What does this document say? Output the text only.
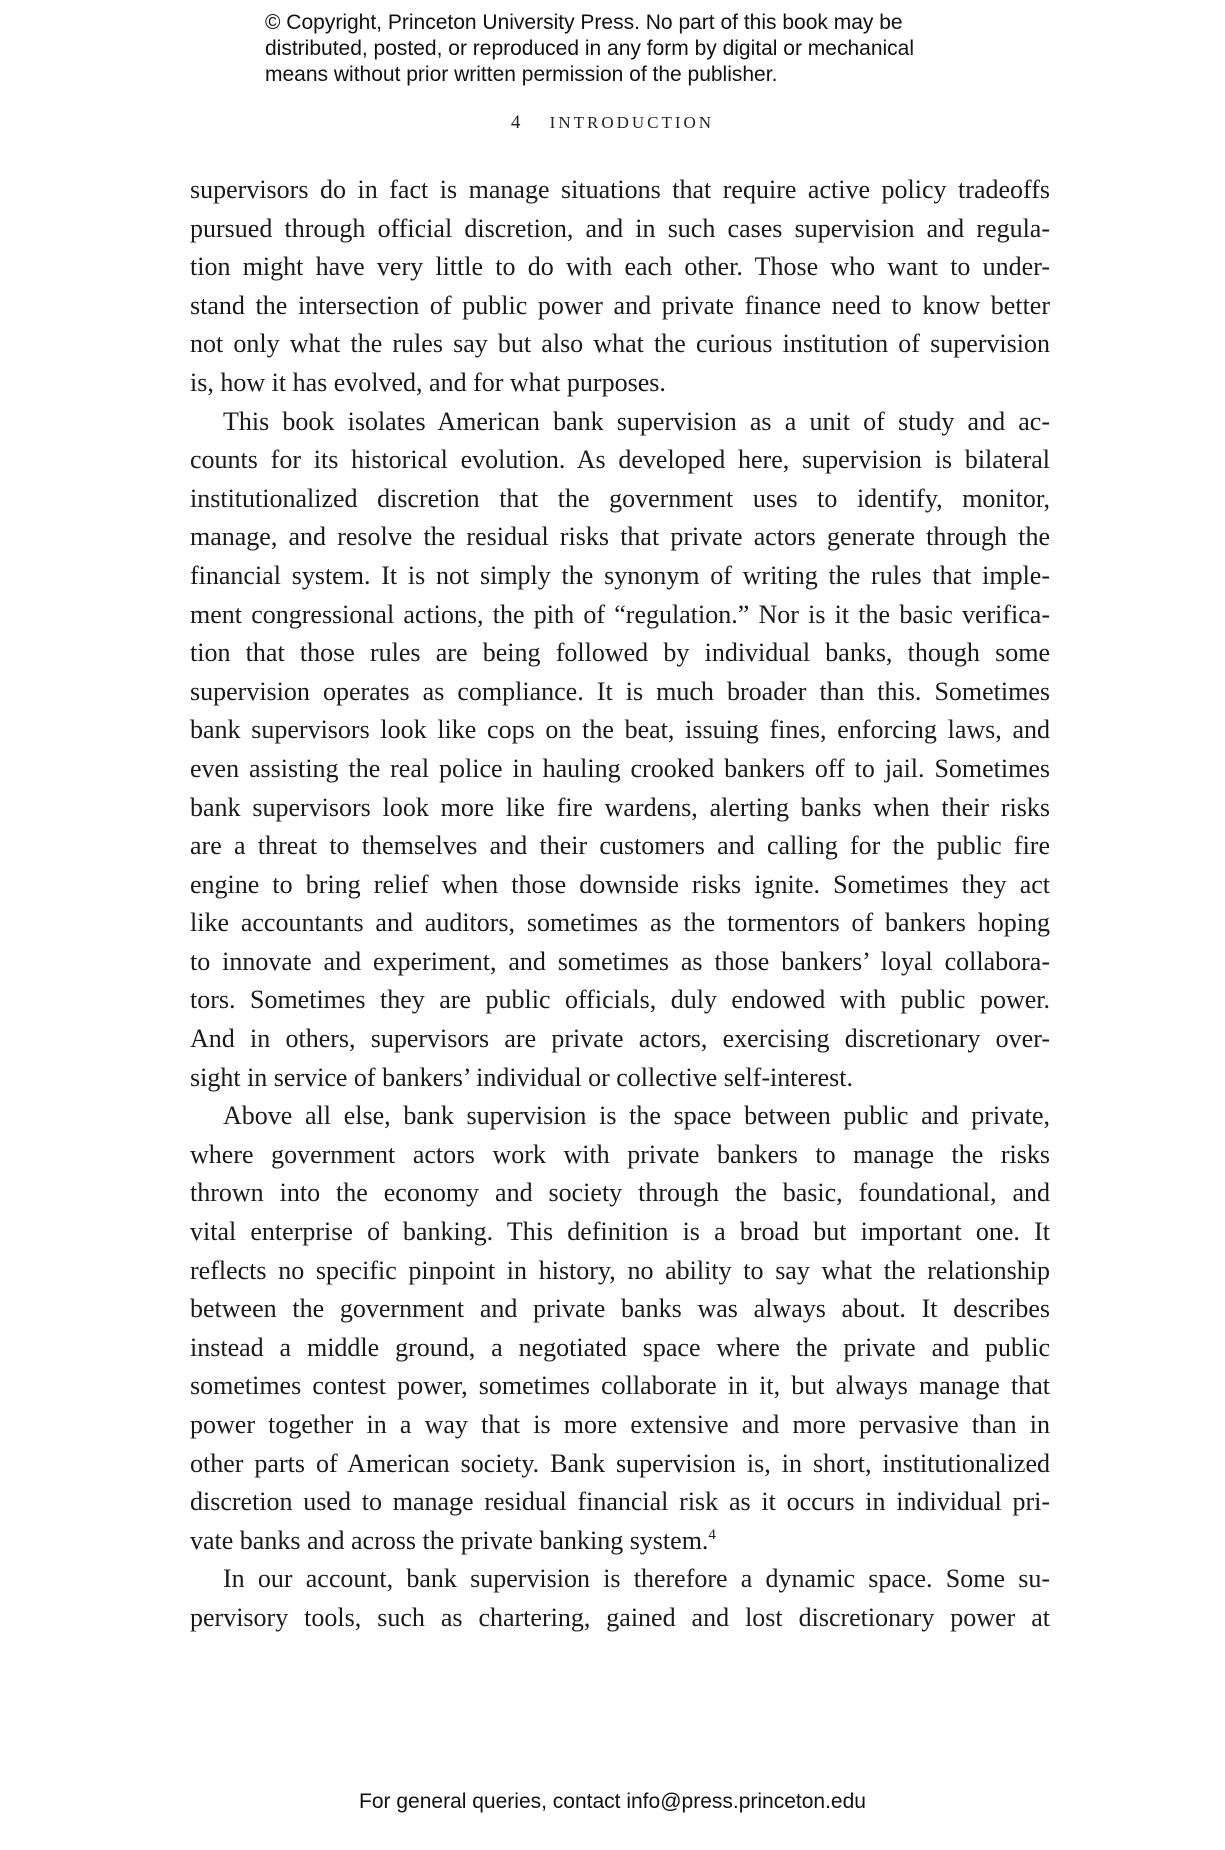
© Copyright, Princeton University Press. No part of this book may be
distributed, posted, or reproduced in any form by digital or mechanical
means without prior written permission of the publisher.
4 INTRODUCTION
supervisors do in fact is manage situations that require active policy tradeoffs
pursued through official discretion, and in such cases supervision and regula-
tion might have very little to do with each other. Those who want to under-
stand the intersection of public power and private finance need to know better
not only what the rules say but also what the curious institution of supervision
is, how it has evolved, and for what purposes.
This book isolates American bank supervision as a unit of study and ac-
counts for its historical evolution. As developed here, supervision is bilateral
institutionalized discretion that the government uses to identify, monitor,
manage, and resolve the residual risks that private actors generate through the
financial system. It is not simply the synonym of writing the rules that imple-
ment congressional actions, the pith of “regulation.” Nor is it the basic verifica-
tion that those rules are being followed by individual banks, though some
supervision operates as compliance. It is much broader than this. Sometimes
bank supervisors look like cops on the beat, issuing fines, enforcing laws, and
even assisting the real police in hauling crooked bankers off to jail. Sometimes
bank supervisors look more like fire wardens, alerting banks when their risks
are a threat to themselves and their customers and calling for the public fire
engine to bring relief when those downside risks ignite. Sometimes they act
like accountants and auditors, sometimes as the tormentors of bankers hoping
to innovate and experiment, and sometimes as those bankers’ loyal collabora-
tors. Sometimes they are public officials, duly endowed with public power.
And in others, supervisors are private actors, exercising discretionary over-
sight in service of bankers’ individual or collective self-interest.
Above all else, bank supervision is the space between public and private,
where government actors work with private bankers to manage the risks
thrown into the economy and society through the basic, foundational, and
vital enterprise of banking. This definition is a broad but important one. It
reflects no specific pinpoint in history, no ability to say what the relationship
between the government and private banks was always about. It describes
instead a middle ground, a negotiated space where the private and public
sometimes contest power, sometimes collaborate in it, but always manage that
power together in a way that is more extensive and more pervasive than in
other parts of American society. Bank supervision is, in short, institutionalized
discretion used to manage residual financial risk as it occurs in individual pri-
vate banks and across the private banking system.$^4$
In our account, bank supervision is therefore a dynamic space. Some su-
pervisory tools, such as chartering, gained and lost discretionary power at
For general queries, contact info@press.princeton.edu
